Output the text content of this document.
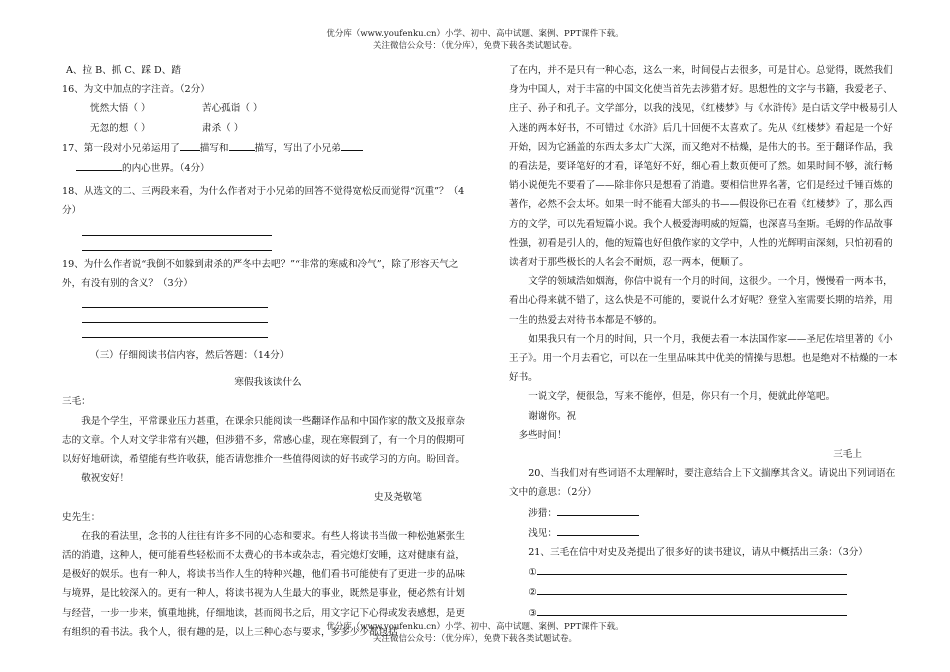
优分库（www.youfenku.cn）小学、初中、高中试题、案例、PPT课件下载。
关注微信公众号：（优分库），免费下载各类试题试卷。

A、拉 B、抓 C、踩 D、踏

16、为文中加点的字注音。（2分）

恍然大悟（ ）	苦心孤诣（ ）

无忽的想（ ）	肃杀（ ）

17、第一段对小兄弟运用了 描写和	描写，写出了小兄弟

的内心世界。（4分）

18、从选文的二、三两段来看，为什么作者对于小兄弟的回答不觉得宽松反而觉得“沉重”？（4分）

19、为什么作者说“我倒不如躲到肃杀的严冬中去吧？”“非常的寒威和冷气”，除了形容天气之外，有没有别的含义？（3分）

（三）仔细阅读书信内容，然后答题：（14分）

寒假我该读什么

三毛：

我是个学生，平常课业压力甚重，在课余只能阅读一些翻译作品和中国作家的散文及报章杂志的文章。个人对文学非常有兴趣，但涉猎不多，常感心虚，现在寒假到了，有一个月的假期可以好好地研读，希望能有些许收获，能否请您推介一些值得阅读的好书或学习的方向。盼回音。

敬祝安好！

史及尧敬笔

史先生：

在我的看法里，念书的人往往有许多不同的心态和要求。有些人将读书当做一种松弛紧张生活的消遣，这种人，便可能看些轻松而不太费心的书本或杂志，看完熄灯安睡，这对健康有益，是极好的娱乐。也有一种人，将读书当作人生的特种兴趣，他们看书可能使有了更进一步的品味与境界，是比较深入的。更有一种人，将读书视为人生最大的事业，既然是事业，便必然有计划与经营，一步一步来，慎重地挑，仔细地读，甚而阅书之后，用文字记下心得或发表感想，是更有组织的看书法。我个人，很有趣的是，以上三种心态与要求，多多少少都包括

了在内，并不是只有一种心态，这么一来，时间侵占去很多，可是甘心。总觉得，既然我们身为中国人，对于丰富的中国文化使当首先去涉猎才好。思想性的文字与书籍，我爱老子、庄子、孙子和孔子。文学部分，以我的浅见，《红楼梦》与《水浒传》是白话文学中极易引人入迷的两本好书，不可错过《水浒》后几十回便不太喜欢了。先从《红楼梦》看起是一个好开始，因为它涵盖的东西太多太广大深，而又绝对不枯燥，是伟大的书。至于翻译作品，我的看法是，要译笔好的才看，译笔好不好，细心看上数页便可了然。如果时间不够，流行畅销小说便先不要看了——除非你只是想看了消遣。要相信世界名著，它们是经过千锤百炼的著作，必然不会太坏。如果一时不能看大部头的书——假设你已在看《红楼梦》了，那么西方的文学，可以先看短篇小说。我个人极爱海明威的短篇，也深喜马奎斯。毛姆的作品故事性强，初看是引人的，他的短篇也好但俄作家的文学中，人性的光辉明亩深刻，只怕初看的读者对于那些极长的人名会不耐烦，忍一两本，便顺了。

文学的领域浩如烟海，你信中说有一个月的时间，这很少。一个月，慢慢看一两本书，看出心得来就不错了，这么快是不可能的，要说什么才好呢？登堂入室需要长期的培养，用一生的热爱去对待书本都是不够的。

如果我只有一个月的时间，只一个月，我便去看一本法国作家——圣尼佐培里著的《小王子》。用一个月去看它，可以在一生里品味其中优美的情操与思想。也是绝对不枯燥的一本好书。

一说文学，便很急，写来不能停，但是，你只有一个月，便就此停笔吧。

谢谢你。祝

多些时间！

三毛上

20、当我们对有些词语不太理解时，要注意结合上下文揣摩其含义。请说出下列词语在文中的意思：（2分）

涉猎：

浅见：

21、三毛在信中对史及尧提出了很多好的读书建议，请从中概括出三条：（3分）

①

②

③

优分库（www.youfenku.cn）小学、初中、高中试题、案例、PPT课件下载。
关注微信公众号：（优分库），免费下载各类试题试卷。
